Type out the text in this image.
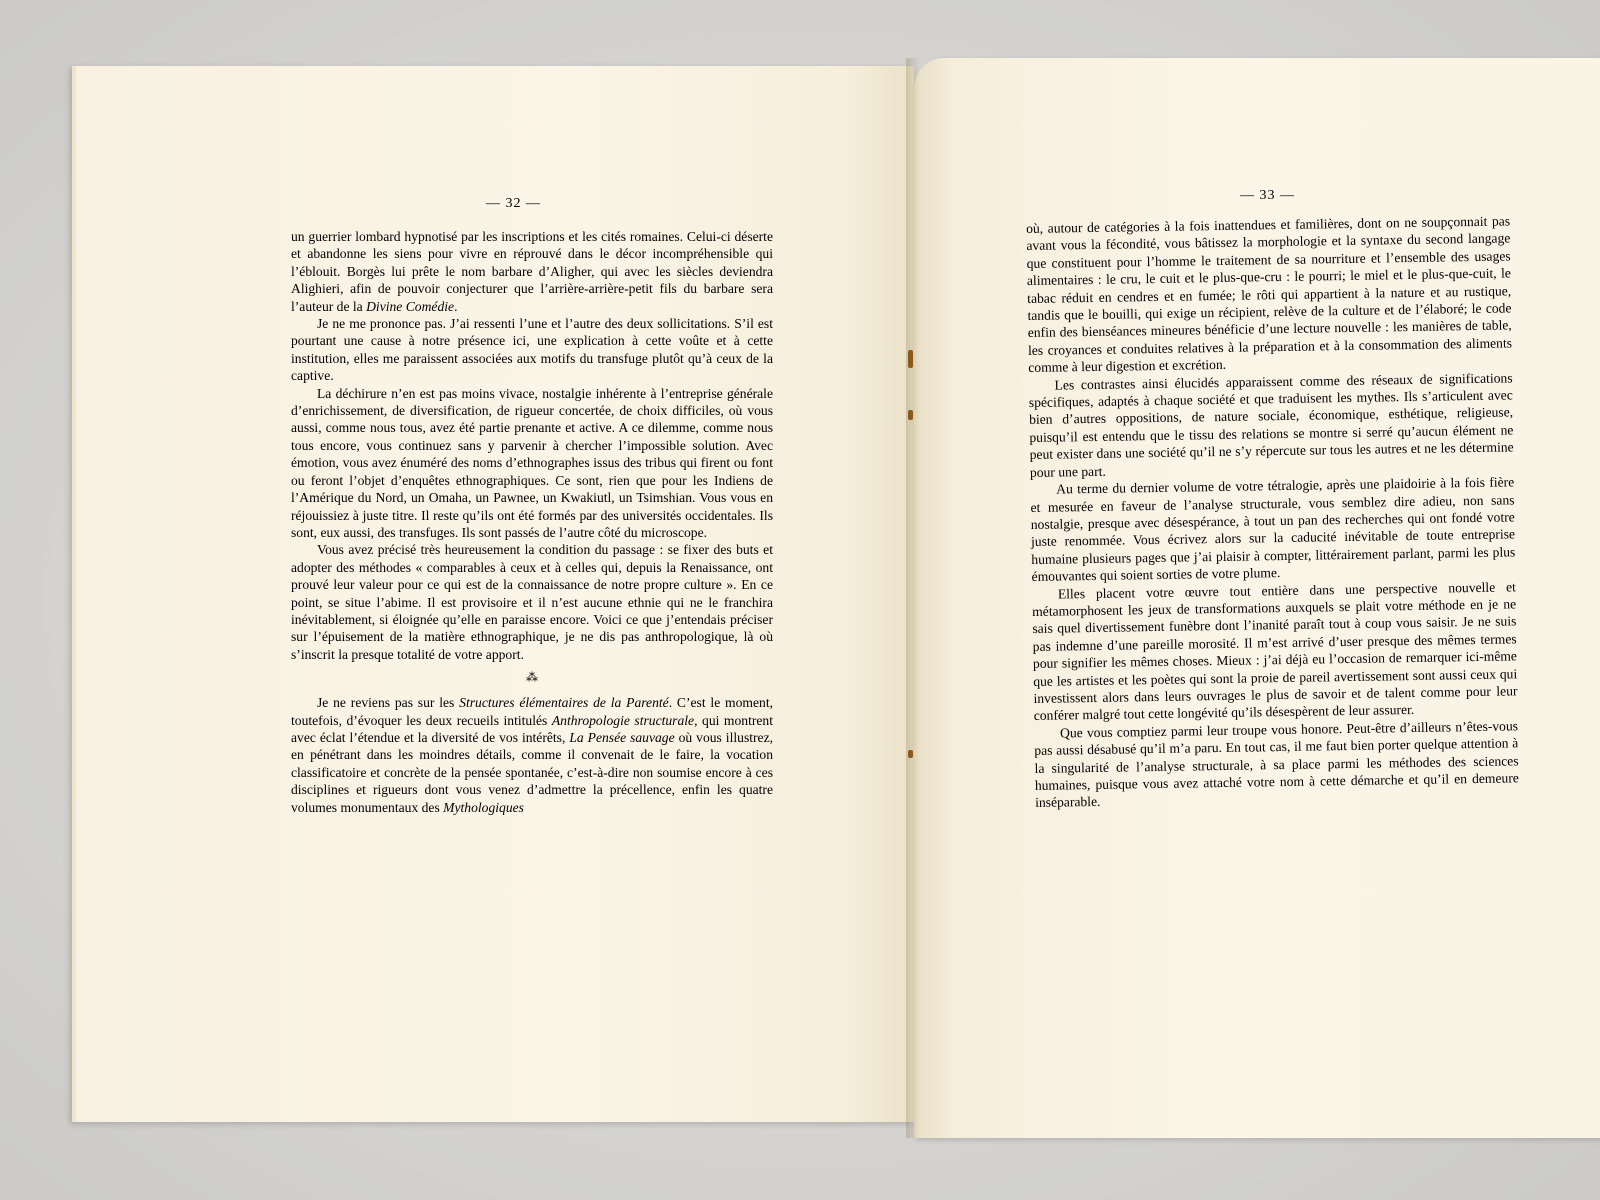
— 32 —

un guerrier lombard hypnotisé par les inscriptions et les cités romaines. Celui-ci déserte et abandonne les siens pour vivre en réprouvé dans le décor incompréhensible qui l’éblouit. Borgès lui prête le nom barbare d’Aligher, qui avec les siècles deviendra Alighieri, afin de pouvoir conjecturer que l’arrière-arrière-petit fils du barbare sera l’auteur de la Divine Comédie.

Je ne me prononce pas. J’ai ressenti l’une et l’autre des deux sollicitations. S’il est pourtant une cause à notre présence ici, une explication à cette voûte et à cette institution, elles me paraissent associées aux motifs du transfuge plutôt qu’à ceux de la captive.

La déchirure n’en est pas moins vivace, nostalgie inhérente à l’entreprise générale d’enrichissement, de diversification, de rigueur concertée, de choix difficiles, où vous aussi, comme nous tous, avez été partie prenante et active. A ce dilemme, comme nous tous encore, vous continuez sans y parvenir à chercher l’impossible solution. Avec émotion, vous avez énuméré des noms d’ethnographes issus des tribus qui firent ou font ou feront l’objet d’enquêtes ethnographiques. Ce sont, rien que pour les Indiens de l’Amérique du Nord, un Omaha, un Pawnee, un Kwakiutl, un Tsimshian. Vous vous en réjouissiez à juste titre. Il reste qu’ils ont été formés par des universités occidentales. Ils sont, eux aussi, des transfuges. Ils sont passés de l’autre côté du microscope.

Vous avez précisé très heureusement la condition du passage : se fixer des buts et adopter des méthodes « comparables à ceux et à celles qui, depuis la Renaissance, ont prouvé leur valeur pour ce qui est de la connaissance de notre propre culture ». En ce point, se situe l’abime. Il est provisoire et il n’est aucune ethnie qui ne le franchira inévitablement, si éloignée qu’elle en paraisse encore. Voici ce que j’entendais préciser sur l’épuisement de la matière ethnographique, je ne dis pas anthropologique, là où s’inscrit la presque totalité de votre apport.

⁂

Je ne reviens pas sur les Structures élémentaires de la Parenté. C’est le moment, toutefois, d’évoquer les deux recueils intitulés Anthropologie structurale, qui montrent avec éclat l’étendue et la diversité de vos intérêts, La Pensée sauvage où vous illustrez, en pénétrant dans les moindres détails, comme il convenait de le faire, la vocation classificatoire et concrète de la pensée spontanée, c’est-à-dire non soumise encore à ces disciplines et rigueurs dont vous venez d’admettre la précellence, enfin les quatre volumes monumentaux des Mythologiques

— 33 —

où, autour de catégories à la fois inattendues et familières, dont on ne soupçonnait pas avant vous la fécondité, vous bâtissez la morphologie et la syntaxe du second langage que constituent pour l’homme le traitement de sa nourriture et l’ensemble des usages alimentaires : le cru, le cuit et le plus-que-cru : le pourri; le miel et le plus-que-cuit, le tabac réduit en cendres et en fumée; le rôti qui appartient à la nature et au rustique, tandis que le bouilli, qui exige un récipient, relève de la culture et de l’élaboré; le code enfin des bienséances mineures bénéficie d’une lecture nouvelle : les manières de table, les croyances et conduites relatives à la préparation et à la consommation des aliments comme à leur digestion et excrétion.

Les contrastes ainsi élucidés apparaissent comme des réseaux de significations spécifiques, adaptés à chaque société et que traduisent les mythes. Ils s’articulent avec bien d’autres oppositions, de nature sociale, économique, esthétique, religieuse, puisqu’il est entendu que le tissu des relations se montre si serré qu’aucun élément ne peut exister dans une société qu’il ne s’y répercute sur tous les autres et ne les détermine pour une part.

Au terme du dernier volume de votre tétralogie, après une plaidoirie à la fois fière et mesurée en faveur de l’analyse structurale, vous semblez dire adieu, non sans nostalgie, presque avec désespérance, à tout un pan des recherches qui ont fondé votre juste renommée. Vous écrivez alors sur la caducité inévitable de toute entreprise humaine plusieurs pages que j’ai plaisir à compter, littérairement parlant, parmi les plus émouvantes qui soient sorties de votre plume.

Elles placent votre œuvre tout entière dans une perspective nouvelle et métamorphosent les jeux de transformations auxquels se plait votre méthode en je ne sais quel divertissement funèbre dont l’inanité paraît tout à coup vous saisir. Je ne suis pas indemne d’une pareille morosité. Il m’est arrivé d’user presque des mêmes termes pour signifier les mêmes choses. Mieux : j’ai déjà eu l’occasion de remarquer ici-même que les artistes et les poètes qui sont la proie de pareil avertissement sont aussi ceux qui investissent alors dans leurs ouvrages le plus de savoir et de talent comme pour leur conférer malgré tout cette longévité qu’ils désespèrent de leur assurer.

Que vous comptiez parmi leur troupe vous honore. Peut-être d’ailleurs n’êtes-vous pas aussi désabusé qu’il m’a paru. En tout cas, il me faut bien porter quelque attention à la singularité de l’analyse structurale, à sa place parmi les méthodes des sciences humaines, puisque vous avez attaché votre nom à cette démarche et qu’il en demeure inséparable.
